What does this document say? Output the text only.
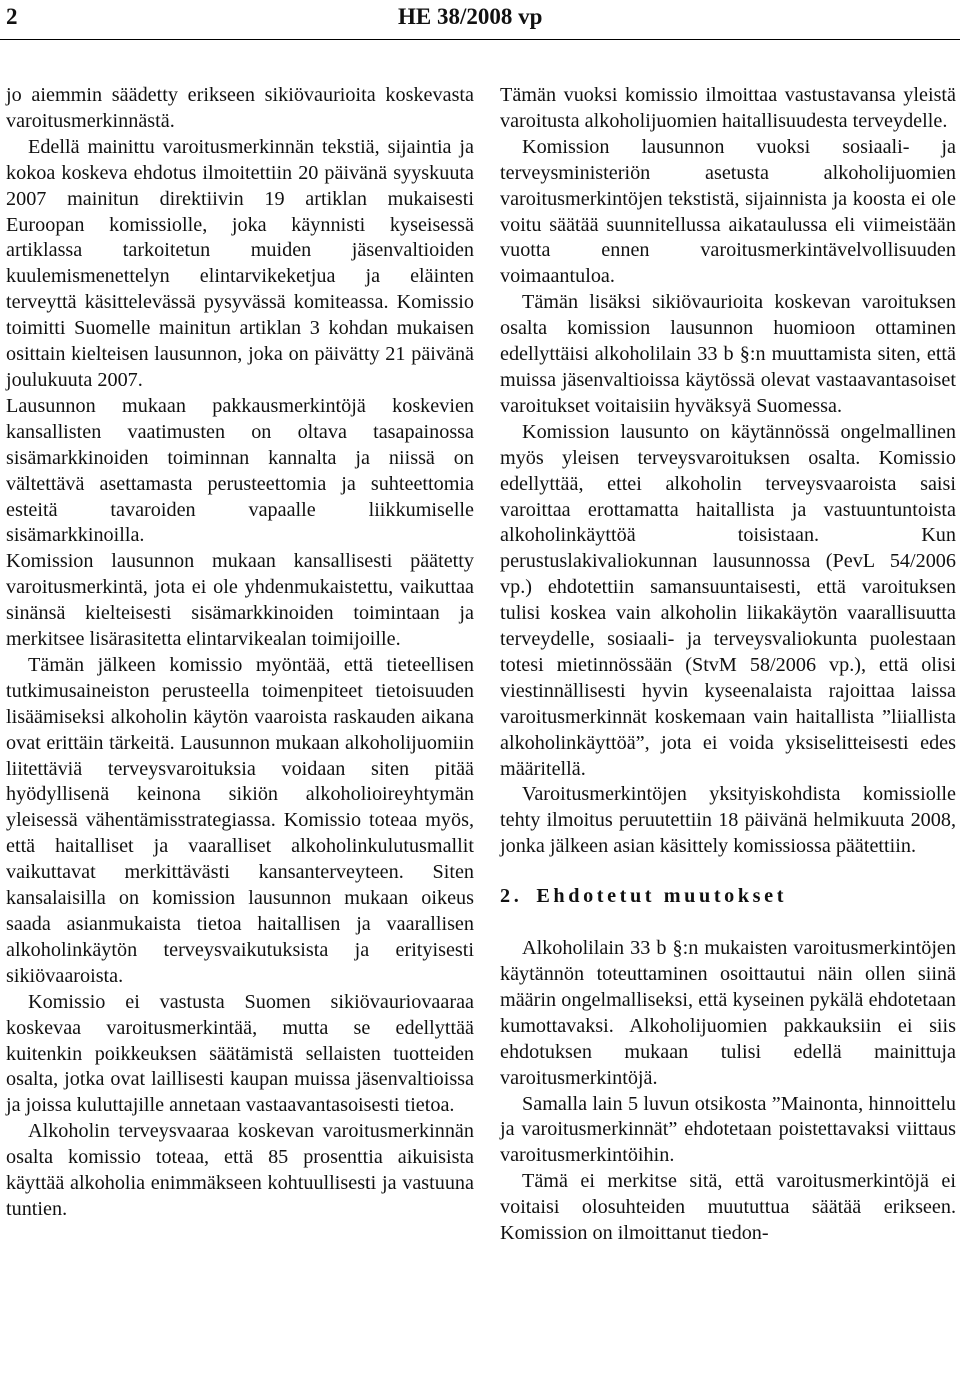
2	HE 38/2008 vp

jo aiemmin säädetty erikseen sikiövaurioita koskevasta varoitusmerkinnästä.

Edellä mainittu varoitusmerkinnän tekstiä, sijaintia ja kokoa koskeva ehdotus ilmoitettiin 20 päivänä syyskuuta 2007 mainitun direktiivin 19 artiklan mukaisesti Euroopan komissiolle, joka käynnisti kyseisessä artiklassa tarkoitetun muiden jäsenvaltioiden kuulemismenettelyn elintarvikeketjua ja eläinten terveyttä käsittelevässä pysyvässä komiteassa. Komissio toimitti Suomelle mainitun artiklan 3 kohdan mukaisen osittain kielteisen lausunnon, joka on päivätty 21 päivänä joulukuuta 2007.

Lausunnon mukaan pakkausmerkintöjä koskevien kansallisten vaatimusten on oltava tasapainossa sisämarkkinoiden toiminnan kannalta ja niissä on vältettävä asettamasta perusteettomia ja suhteettomia esteitä tavaroiden vapaalle liikkumiselle sisämarkkinoilla.

Komission lausunnon mukaan kansallisesti päätetty varoitusmerkintä, jota ei ole yhdenmukaistettu, vaikuttaa sinänsä kielteisesti sisämarkkinoiden toimintaan ja merkitsee lisärasitetta elintarvikealan toimijoille.

Tämän jälkeen komissio myöntää, että tieteellisen tutkimusaineiston perusteella toimenpiteet tietoisuuden lisäämiseksi alkoholin käytön vaaroista raskauden aikana ovat erittäin tärkeitä. Lausunnon mukaan alkoholijuomiin liitettäviä terveysvaroituksia voidaan siten pitää hyödyllisenä keinona sikiön alkoholioireyhtymän yleisessä vähentämisstrategiassa. Komissio toteaa myös, että haitalliset ja vaaralliset alkoholinkulutusmallit vaikuttavat merkittävästi kansanterveyteen. Siten kansalaisilla on komission lausunnon mukaan oikeus saada asianmukaista tietoa haitallisen ja vaarallisen alkoholinkäytön terveysvaikutuksista ja erityisesti sikiövaaroista.

Komissio ei vastusta Suomen sikiövauriovaaraa koskevaa varoitusmerkintää, mutta se edellyttää kuitenkin poikkeuksen säätämistä sellaisten tuotteiden osalta, jotka ovat laillisesti kaupan muissa jäsenvaltioissa ja joissa kuluttajille annetaan vastaavantasoisesti tietoa.

Alkoholin terveysvaaraa koskevan varoitusmerkinnän osalta komissio toteaa, että 85 prosenttia aikuisista käyttää alkoholia enimmäkseen kohtuullisesti ja vastuuna tuntien.

Tämän vuoksi komissio ilmoittaa vastustavansa yleistä varoitusta alkoholijuomien haitallisuudesta terveydelle.

Komission lausunnon vuoksi sosiaali- ja terveysministeriön asetusta alkoholijuomien varoitusmerkintöjen tekstistä, sijainnista ja koosta ei ole voitu säätää suunnitellussa aikataulussa eli viimeistään vuotta ennen varoitusmerkintävelvollisuuden voimaantuloa.

Tämän lisäksi sikiövaurioita koskevan varoituksen osalta komission lausunnon huomioon ottaminen edellyttäisi alkoholilain 33 b §:n muuttamista siten, että muissa jäsenvaltioissa käytössä olevat vastaavantasoiset varoitukset voitaisiin hyväksyä Suomessa.

Komission lausunto on käytännössä ongelmallinen myös yleisen terveysvaroituksen osalta. Komissio edellyttää, ettei alkoholin terveysvaaroista saisi varoittaa erottamatta haitallista ja vastuuntuntoista alkoholinkäyttöä toisistaan. Kun perustuslakivaliokunnan lausunnossa (PevL 54/2006 vp.) ehdotettiin samansuuntaisesti, että varoituksen tulisi koskea vain alkoholin liikakäytön vaarallisuutta terveydelle, sosiaali- ja terveysvaliokunta puolestaan totesi mietinnössään (StvM 58/2006 vp.), että olisi viestinnällisesti hyvin kyseenalaista rajoittaa laissa varoitusmerkinnät koskemaan vain haitallista ”liiallista alkoholinkäyttöä”, jota ei voida yksiselitteisesti edes määritellä.

Varoitusmerkintöjen yksityiskohdista komissiolle tehty ilmoitus peruutettiin 18 päivänä helmikuuta 2008, jonka jälkeen asian käsittely komissiossa päätettiin.

2. Ehdotetut muutokset

Alkoholilain 33 b §:n mukaisten varoitusmerkintöjen käytännön toteuttaminen osoittautui näin ollen siinä määrin ongelmalliseksi, että kyseinen pykälä ehdotetaan kumottavaksi. Alkoholijuomien pakkauksiin ei siis ehdotuksen mukaan tulisi edellä mainittuja varoitusmerkintöjä.

Samalla lain 5 luvun otsikosta ”Mainonta, hinnoittelu ja varoitusmerkinnät” ehdotetaan poistettavaksi viittaus varoitusmerkintöihin.

Tämä ei merkitse sitä, että varoitusmerkintöjä ei voitaisi olosuhteiden muututtua säätää erikseen. Komission on ilmoittanut tiedon-
